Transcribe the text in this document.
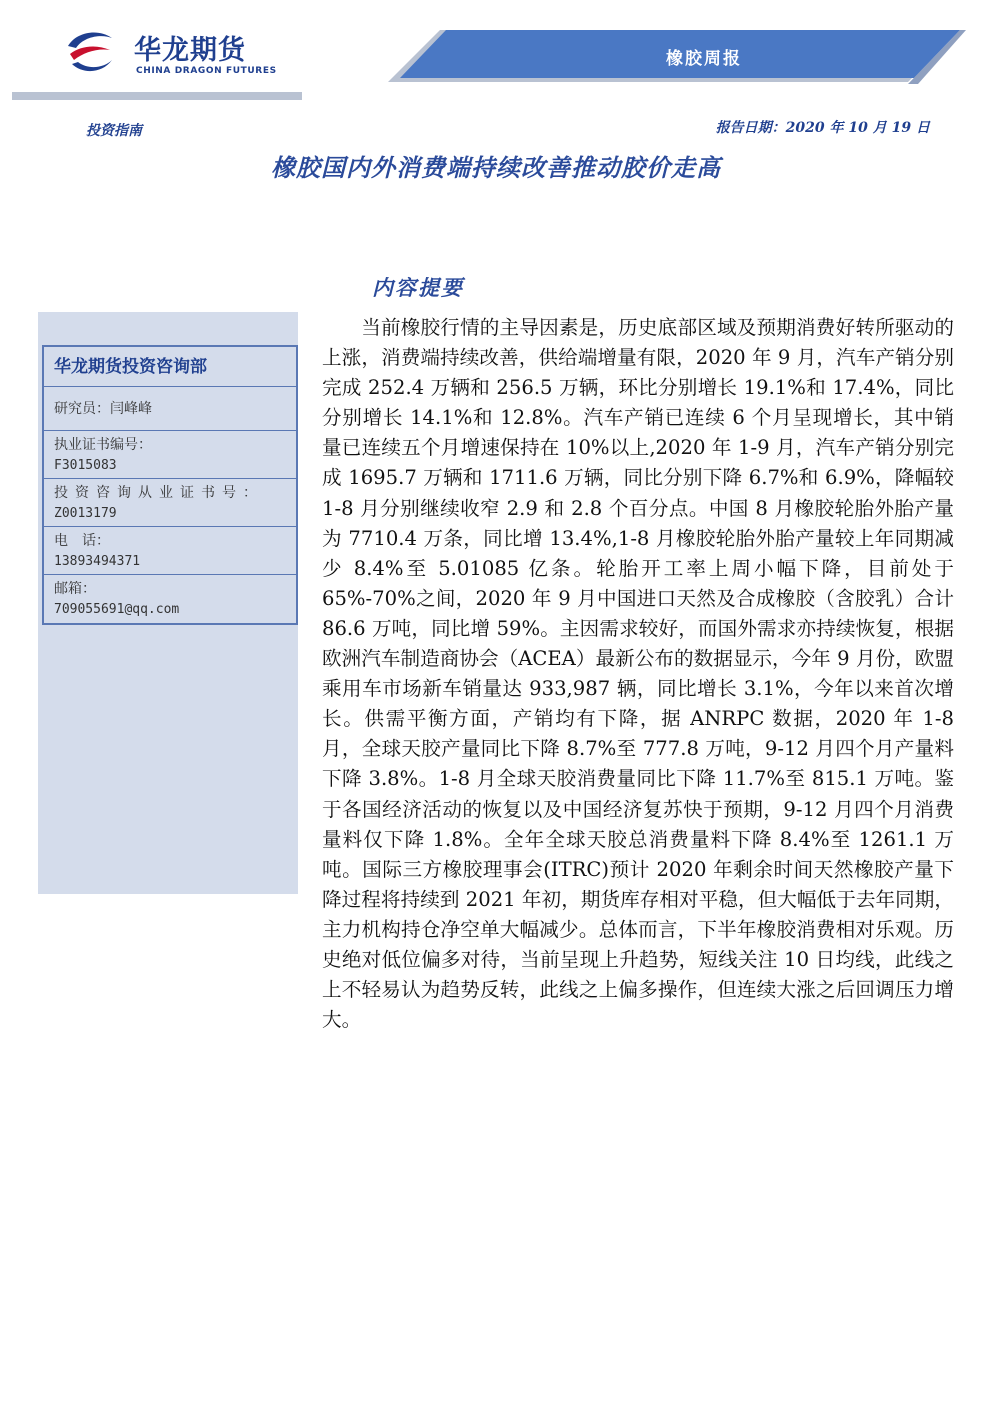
华龙期货
CHINA DRAGON FUTURES
橡胶周报
投资指南	报告日期：2020 年 10 月 19 日
橡胶国内外消费端持续改善推动胶价走高
内容提要
华龙期货投资咨询部
研究员：闫峰峰
执业证书编号：
F3015083
投资咨询从业证书号：
Z0013179
电　话：
13893494371
邮箱：
709055691@qq.com
当前橡胶行情的主导因素是，历史底部区域及预期消费好转所驱动的上涨，消费端持续改善，供给端增量有限，2020 年 9 月，汽车产销分别完成 252.4 万辆和 256.5 万辆，环比分别增长 19.1%和 17.4%，同比分别增长 14.1%和 12.8%。汽车产销已连续 6 个月呈现增长，其中销量已连续五个月增速保持在 10%以上,2020 年 1-9 月，汽车产销分别完成 1695.7 万辆和 1711.6 万辆，同比分别下降 6.7%和 6.9%，降幅较 1-8 月分别继续收窄 2.9 和 2.8 个百分点。中国 8 月橡胶轮胎外胎产量为 7710.4 万条，同比增 13.4%,1-8 月橡胶轮胎外胎产量较上年同期减少 8.4%至 5.01085 亿条。轮胎开工率上周小幅下降，目前处于 65%-70%之间，2020 年 9 月中国进口天然及合成橡胶（含胶乳）合计 86.6 万吨，同比增 59%。主因需求较好，而国外需求亦持续恢复，根据欧洲汽车制造商协会（ACEA）最新公布的数据显示，今年 9 月份，欧盟乘用车市场新车销量达 933,987 辆，同比增长 3.1%，今年以来首次增长。供需平衡方面，产销均有下降，据 ANRPC 数据，2020 年 1-8 月，全球天胶产量同比下降 8.7%至 777.8 万吨，9-12 月四个月产量料下降 3.8%。1-8 月全球天胶消费量同比下降 11.7%至 815.1 万吨。鉴于各国经济活动的恢复以及中国经济复苏快于预期，9-12 月四个月消费量料仅下降 1.8%。全年全球天胶总消费量料下降 8.4%至 1261.1 万吨。国际三方橡胶理事会(ITRC)预计 2020 年剩余时间天然橡胶产量下降过程将持续到 2021 年初，期货库存相对平稳，但大幅低于去年同期，主力机构持仓净空单大幅减少。总体而言，下半年橡胶消费相对乐观。历史绝对低位偏多对待，当前呈现上升趋势，短线关注 10 日均线，此线之上不轻易认为趋势反转，此线之上偏多操作，但连续大涨之后回调压力增大。
